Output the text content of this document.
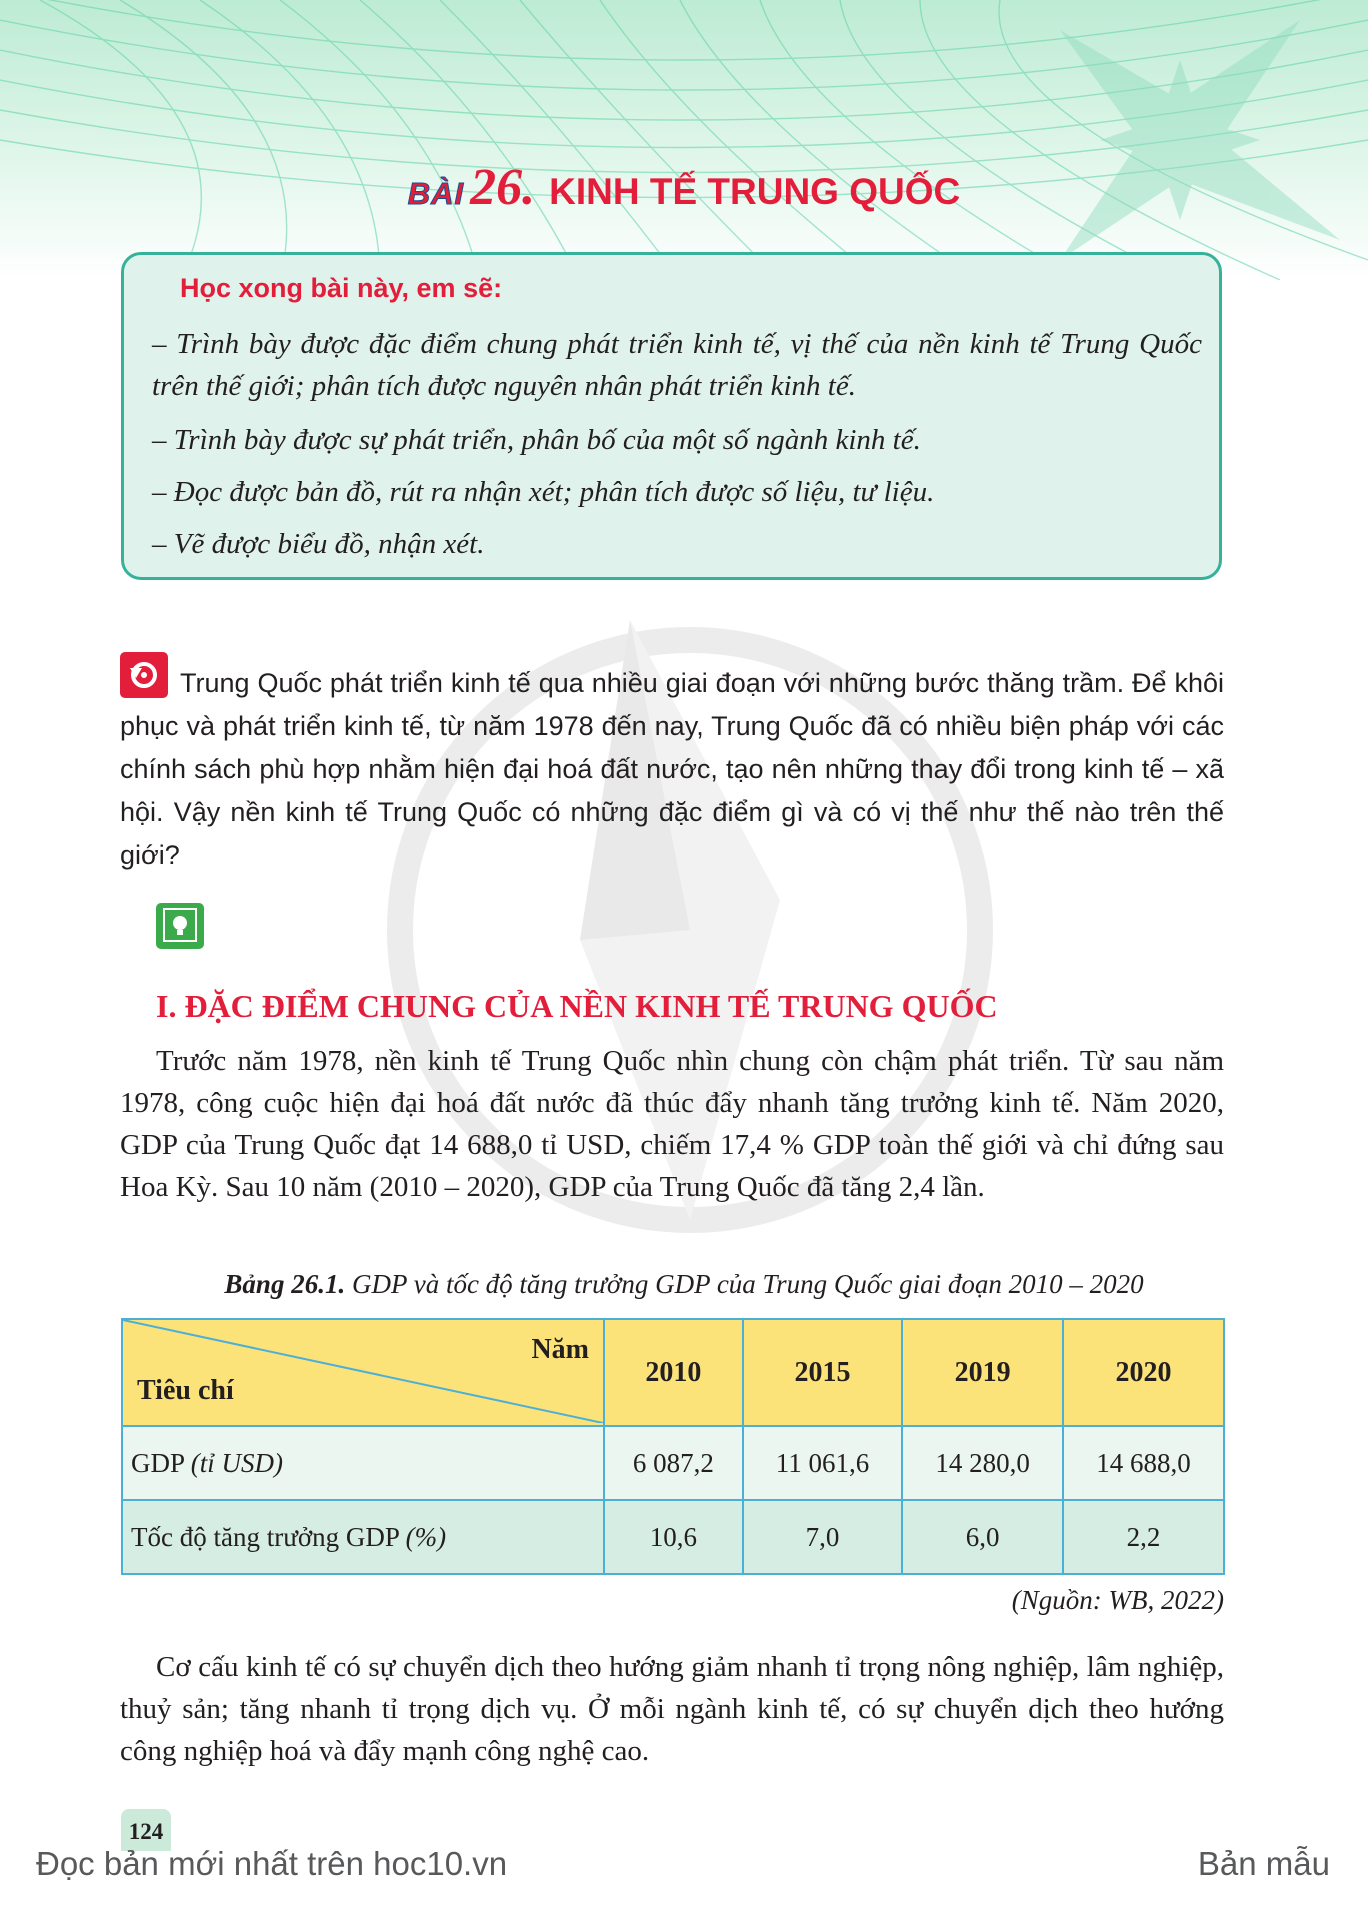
BÀI 26. KINH TẾ TRUNG QUỐC
Học xong bài này, em sẽ:
– Trình bày được đặc điểm chung phát triển kinh tế, vị thế của nền kinh tế Trung Quốc trên thế giới; phân tích được nguyên nhân phát triển kinh tế.
– Trình bày được sự phát triển, phân bố của một số ngành kinh tế.
– Đọc được bản đồ, rút ra nhận xét; phân tích được số liệu, tư liệu.
– Vẽ được biểu đồ, nhận xét.
Trung Quốc phát triển kinh tế qua nhiều giai đoạn với những bước thăng trầm. Để khôi phục và phát triển kinh tế, từ năm 1978 đến nay, Trung Quốc đã có nhiều biện pháp với các chính sách phù hợp nhằm hiện đại hoá đất nước, tạo nên những thay đổi trong kinh tế – xã hội. Vậy nền kinh tế Trung Quốc có những đặc điểm gì và có vị thế như thế nào trên thế giới?
I. ĐẶC ĐIỂM CHUNG CỦA NỀN KINH TẾ TRUNG QUỐC
Trước năm 1978, nền kinh tế Trung Quốc nhìn chung còn chậm phát triển. Từ sau năm 1978, công cuộc hiện đại hoá đất nước đã thúc đẩy nhanh tăng trưởng kinh tế. Năm 2020, GDP của Trung Quốc đạt 14 688,0 tỉ USD, chiếm 17,4 % GDP toàn thế giới và chỉ đứng sau Hoa Kỳ. Sau 10 năm (2010 – 2020), GDP của Trung Quốc đã tăng 2,4 lần.
Bảng 26.1. GDP và tốc độ tăng trưởng GDP của Trung Quốc giai đoạn 2010 – 2020
Năm
Tiêu chí	2010	2015	2019	2020
GDP (tỉ USD)	6 087,2	11 061,6	14 280,0	14 688,0
Tốc độ tăng trưởng GDP (%)	10,6	7,0	6,0	2,2
(Nguồn: WB, 2022)
Cơ cấu kinh tế có sự chuyển dịch theo hướng giảm nhanh tỉ trọng nông nghiệp, lâm nghiệp, thuỷ sản; tăng nhanh tỉ trọng dịch vụ. Ở mỗi ngành kinh tế, có sự chuyển dịch theo hướng công nghiệp hoá và đẩy mạnh công nghệ cao.
124
Đọc bản mới nhất trên hoc10.vn	Bản mẫu
